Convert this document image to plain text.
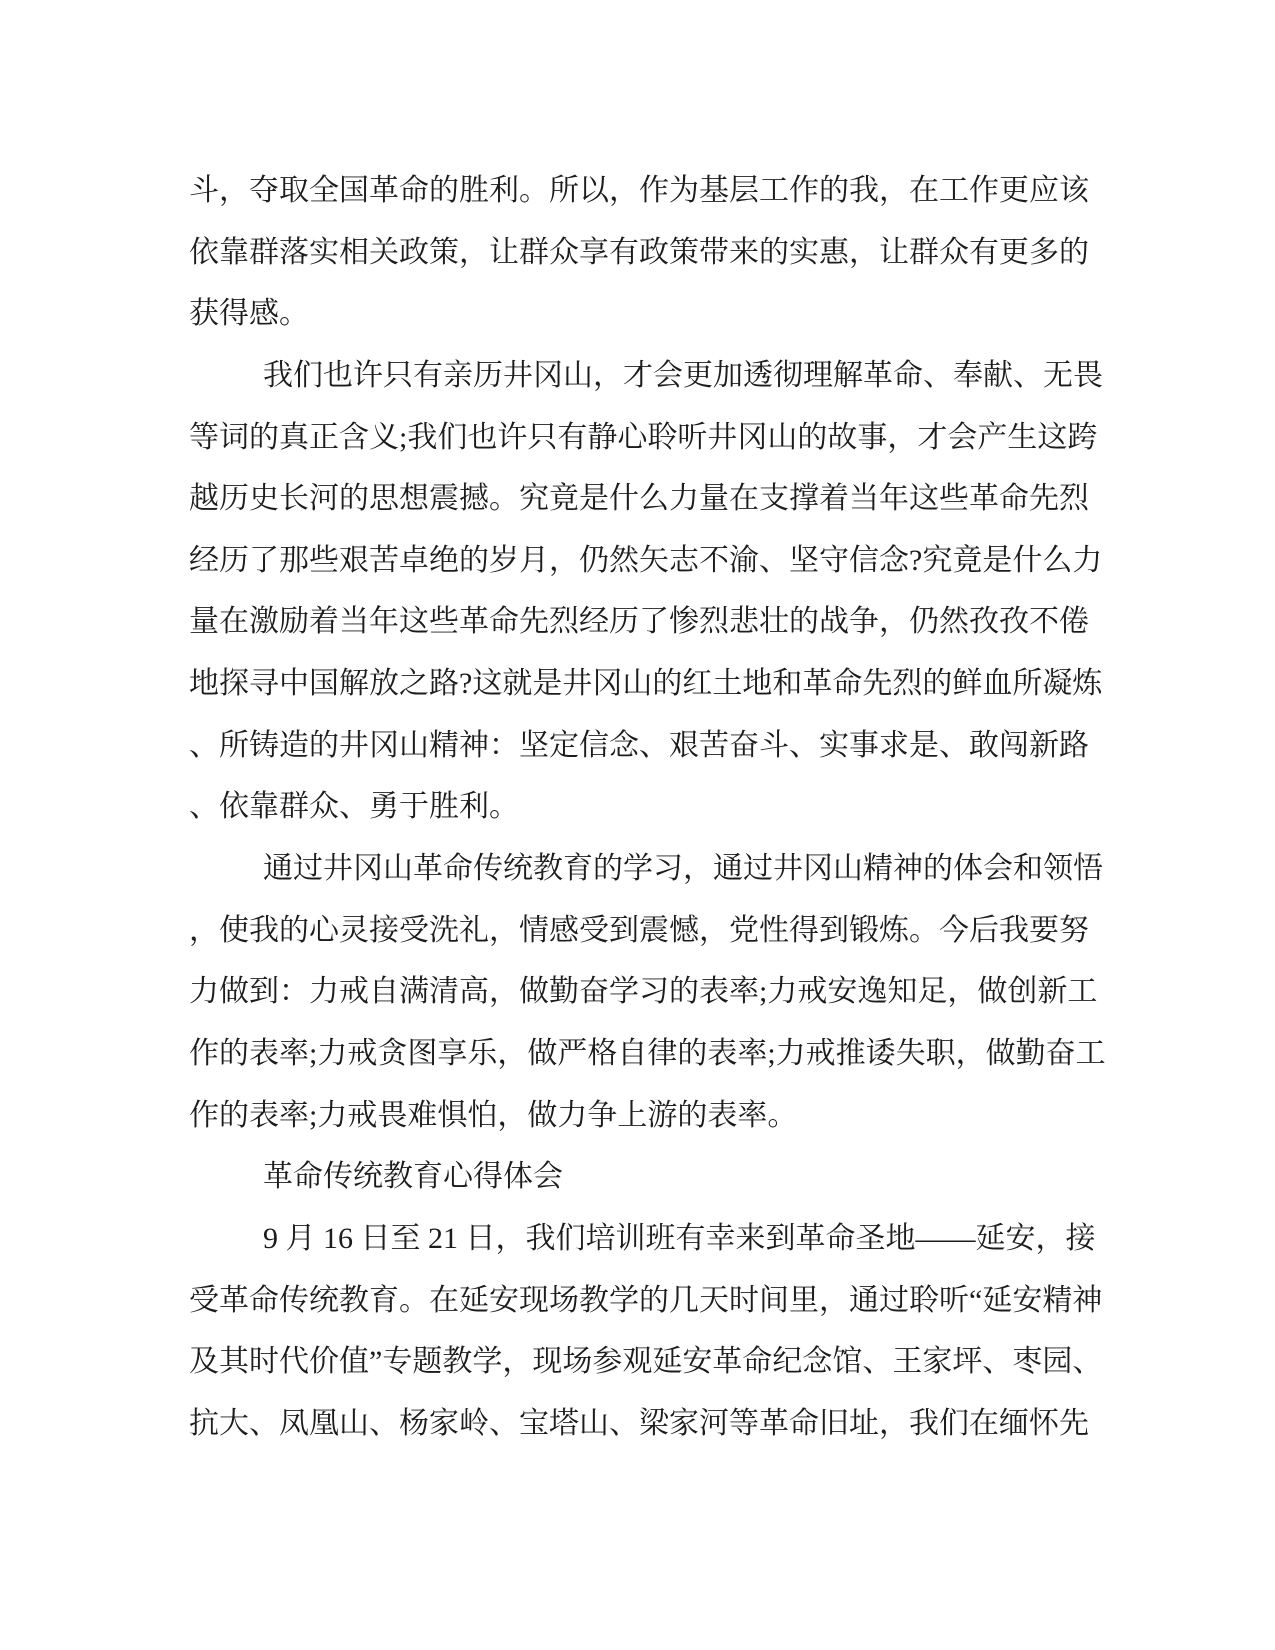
斗，夺取全国革命的胜利。所以，作为基层工作的我，在工作更应该
依靠群落实相关政策，让群众享有政策带来的实惠，让群众有更多的
获得感。
我们也许只有亲历井冈山，才会更加透彻理解革命、奉献、无畏
等词的真正含义;我们也许只有静心聆听井冈山的故事，才会产生这跨
越历史长河的思想震撼。究竟是什么力量在支撑着当年这些革命先烈
经历了那些艰苦卓绝的岁月，仍然矢志不渝、坚守信念?究竟是什么力
量在激励着当年这些革命先烈经历了惨烈悲壮的战争，仍然孜孜不倦
地探寻中国解放之路?这就是井冈山的红土地和革命先烈的鲜血所凝炼
、所铸造的井冈山精神：坚定信念、艰苦奋斗、实事求是、敢闯新路
、依靠群众、勇于胜利。
通过井冈山革命传统教育的学习，通过井冈山精神的体会和领悟
，使我的心灵接受洗礼，情感受到震憾，党性得到锻炼。今后我要努
力做到：力戒自满清高，做勤奋学习的表率;力戒安逸知足，做创新工
作的表率;力戒贪图享乐，做严格自律的表率;力戒推诿失职，做勤奋工
作的表率;力戒畏难惧怕，做力争上游的表率。
革命传统教育心得体会
9 月 16 日至 21 日，我们培训班有幸来到革命圣地——延安，接
受革命传统教育。在延安现场教学的几天时间里，通过聆听“延安精神
及其时代价值”专题教学，现场参观延安革命纪念馆、王家坪、枣园、
抗大、凤凰山、杨家岭、宝塔山、梁家河等革命旧址，我们在缅怀先
